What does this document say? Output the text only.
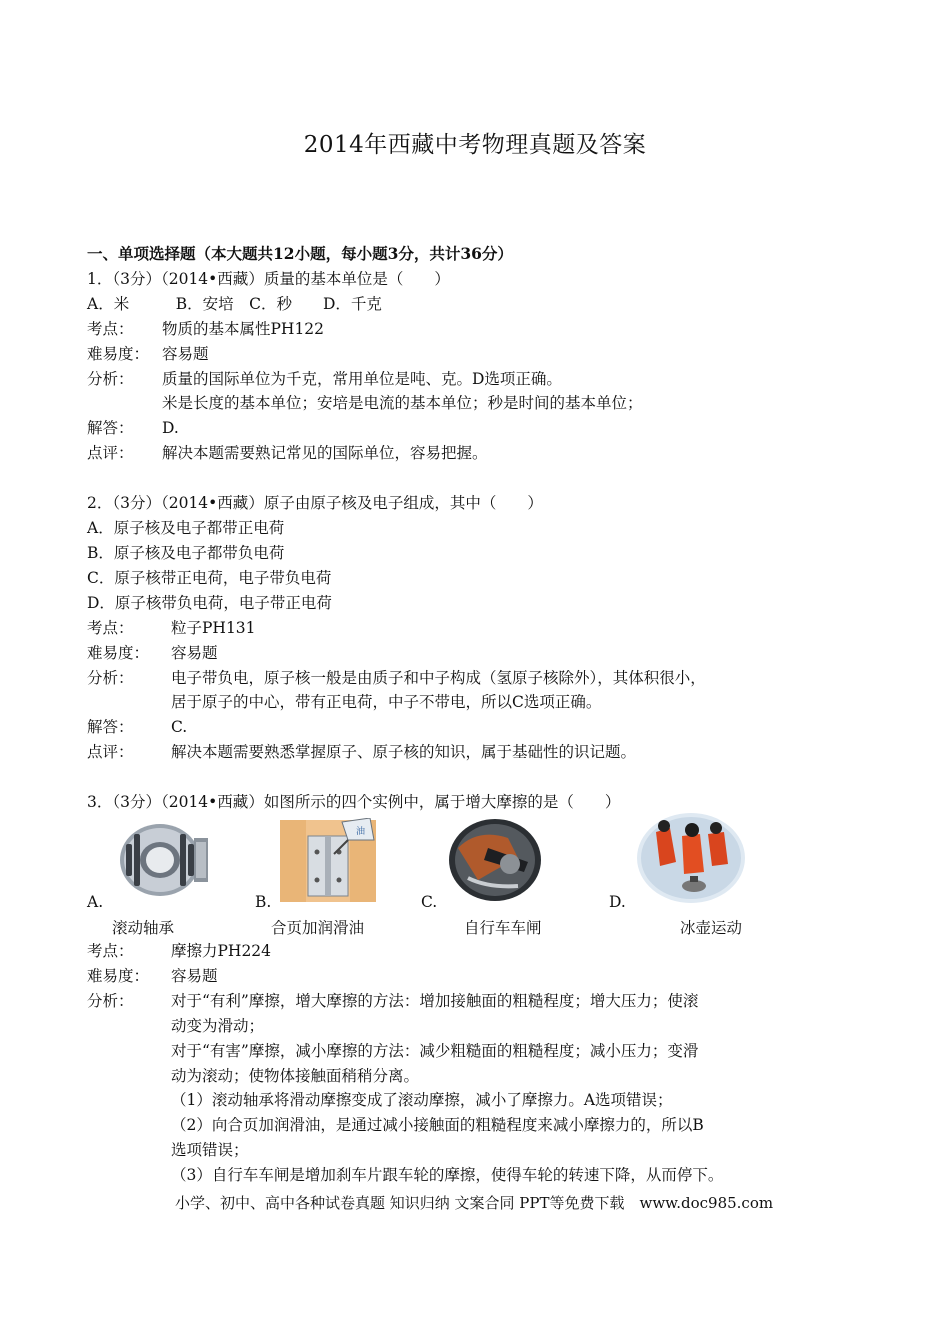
2014年西藏中考物理真题及答案
一、单项选择题（本大题共12小题，每小题3分，共计36分）
1．（3分）（2014•西藏）质量的基本单位是（　　）
A．米　　　B．安培　C．秒　　D．千克
考点： 物质的基本属性PH122
难易度： 容易题
分析： 质量的国际单位为千克，常用单位是吨、克。D选项正确。
米是长度的基本单位；安培是电流的基本单位；秒是时间的基本单位；
解答： D.
点评： 解决本题需要熟记常见的国际单位，容易把握。
2．（3分）（2014•西藏）原子由原子核及电子组成，其中（　　）
A．原子核及电子都带正电荷
B．原子核及电子都带负电荷
C．原子核带正电荷，电子带负电荷
D．原子核带负电荷，电子带正电荷
考点： 粒子PH131
难易度： 容易题
分析： 电子带负电，原子核一般是由质子和中子构成（氢原子核除外），其体积很小，
居于原子的中心，带有正电荷，中子不带电，所以C选项正确。
解答： C.
点评： 解决本题需要熟悉掌握原子、原子核的知识，属于基础性的识记题。
3．（3分）（2014•西藏）如图所示的四个实例中，属于增大摩擦的是（　　）
油
A.	B.	C.	D.
滚动轴承	合页加润滑油	自行车车闸	冰壶运动
考点： 摩擦力PH224
难易度： 容易题
分析： 对于“有利”摩擦，增大摩擦的方法：增加接触面的粗糙程度；增大压力；使滚
动变为滑动；
对于“有害”摩擦，减小摩擦的方法：减少粗糙面的粗糙程度；减小压力；变滑
动为滚动；使物体接触面稍稍分离。
（1）滚动轴承将滑动摩擦变成了滚动摩擦，减小了摩擦力。A选项错误；
（2）向合页加润滑油，是通过减小接触面的粗糙程度来减小摩擦力的，所以B
选项错误；
（3）自行车车闸是增加刹车片跟车轮的摩擦，使得车轮的转速下降，从而停下。
小学、初中、高中各种试卷真题 知识归纳 文案合同 PPT等免费下载　www.doc985.com
